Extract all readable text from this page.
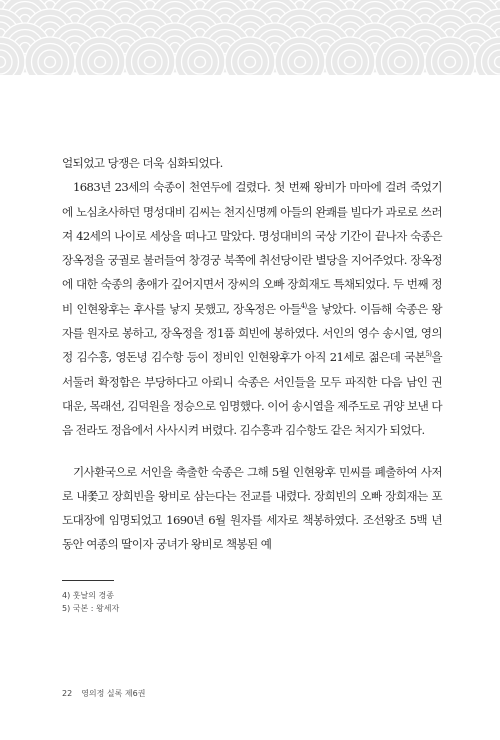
얼되었고 당쟁은 더욱 심화되었다.

1683년 23세의 숙종이 천연두에 걸렸다. 첫 번째 왕비가 마마에 걸려 죽었기에 노심초사하던 명성대비 김씨는 천지신명께 아들의 완쾌를 빌다가 과로로 쓰러져 42세의 나이로 세상을 떠나고 말았다. 명성대비의 국상 기간이 끝나자 숙종은 장옥정을 궁궐로 불러들여 창경궁 북쪽에 취선당이란 별당을 지어주었다. 장옥정에 대한 숙종의 총애가 깊어지면서 장씨의 오빠 장희재도 특채되었다. 두 번째 정비 인현왕후는 후사를 낳지 못했고, 장옥정은 아들$^{4)}$을 낳았다. 이듬해 숙종은 왕자를 원자로 봉하고, 장옥정을 정1품 희빈에 봉하였다. 서인의 영수 송시열, 영의정 김수흥, 영돈녕 김수항 등이 정비인 인현왕후가 아직 21세로 젊은데 국본$^{5)}$을 서둘러 확정함은 부당하다고 아뢰니 숙종은 서인들을 모두 파직한 다음 남인 권대운, 목래선, 김덕원을 정승으로 임명했다. 이어 송시열을 제주도로 귀양 보낸 다음 전라도 정읍에서 사사시켜 버렸다. 김수흥과 김수항도 같은 처지가 되었다.

기사환국으로 서인을 축출한 숙종은 그해 5월 인현왕후 민씨를 폐출하여 사저로 내쫓고 장희빈을 왕비로 삼는다는 전교를 내렸다. 장희빈의 오빠 장희재는 포도대장에 임명되었고 1690년 6월 원자를 세자로 책봉하였다. 조선왕조 5백 년 동안 여종의 딸이자 궁녀가 왕비로 책봉된 예

4) 훗날의 경종
5) 국본 : 왕세자
22 영의정 실록 제6권
